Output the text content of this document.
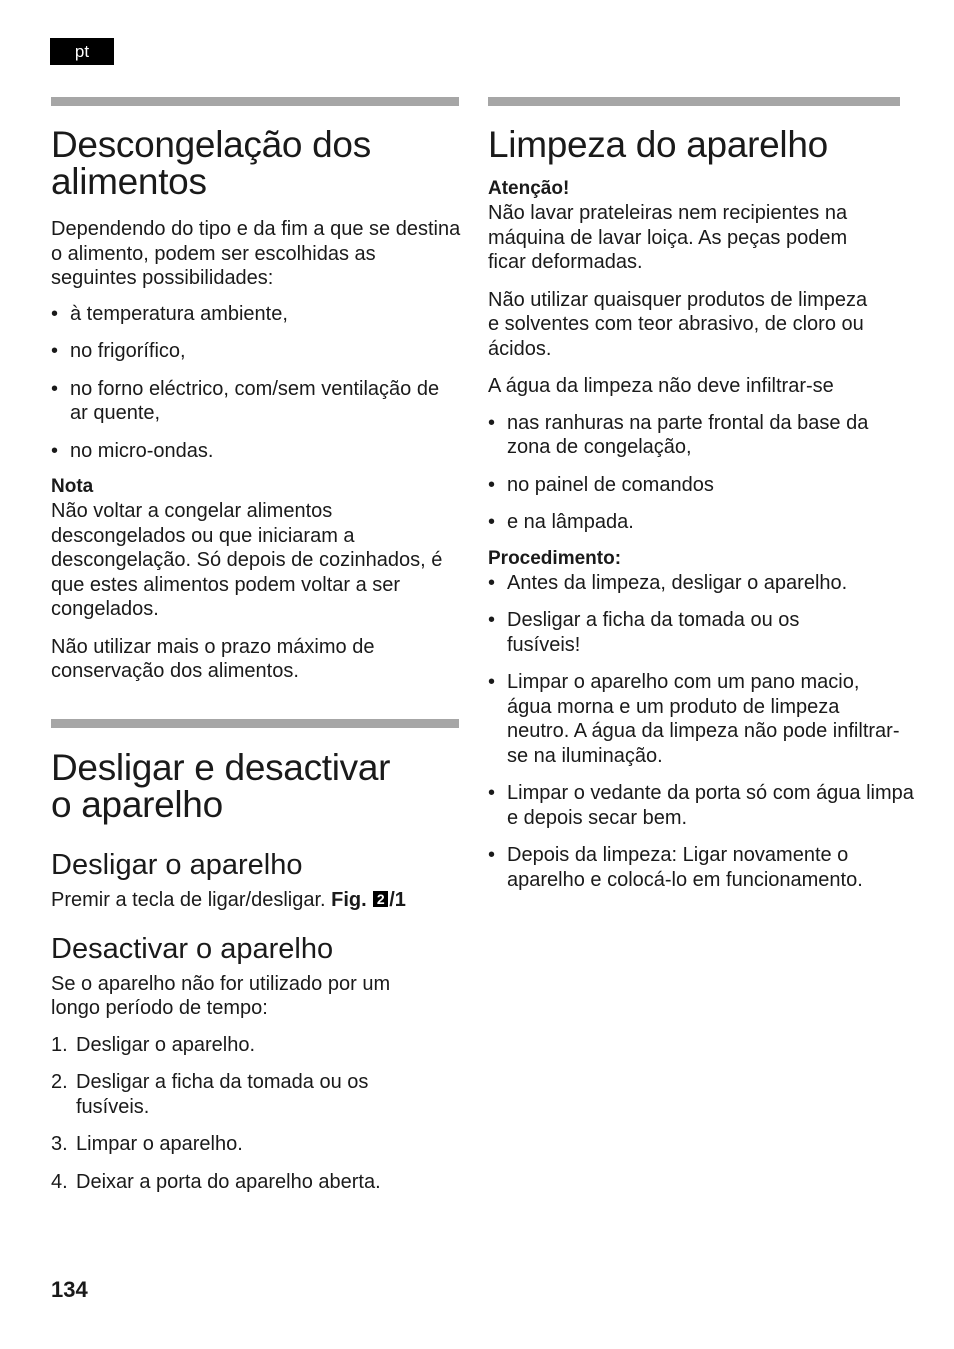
pt
Descongelação dos
alimentos

Dependendo do tipo e da fim a que se destina o alimento, podem ser escolhidas as seguintes possibilidades:

• à temperatura ambiente,
• no frigorífico,
• no forno eléctrico, com/sem ventilação de ar quente,
• no micro-ondas.
Nota

Não voltar a congelar alimentos descongelados ou que iniciaram a descongelação. Só depois de cozinhados, é que estes alimentos podem voltar a ser congelados.

Não utilizar mais o prazo máximo de conservação dos alimentos.

Desligar e desactivar
o aparelho
Desligar o aparelho

Premir a tecla de ligar/desligar. Fig. 2 /1

Desactivar o aparelho

Se o aparelho não for utilizado por um longo período de tempo:

1. Desligar o aparelho.
2. Desligar a ficha da tomada ou os fusíveis.
3. Limpar o aparelho.
4. Deixar a porta do aparelho aberta.
Limpeza do aparelho
Atenção!

Não lavar prateleiras nem recipientes na máquina de lavar loiça. As peças podem ficar deformadas.

Não utilizar quaisquer produtos de limpeza e solventes com teor abrasivo, de cloro ou ácidos.

A água da limpeza não deve infiltrar-se

• nas ranhuras na parte frontal da base da zona de congelação,
• no painel de comandos
• e na lâmpada.
Procedimento:
• Antes da limpeza, desligar o aparelho.
• Desligar a ficha da tomada ou os fusíveis!
• Limpar o aparelho com um pano macio, água morna e um produto de limpeza neutro. A água da limpeza não pode infiltrar-se na iluminação.
• Limpar o vedante da porta só com água limpa e depois secar bem.
• Depois da limpeza: Ligar novamente o aparelho e colocá-lo em funcionamento.
134
